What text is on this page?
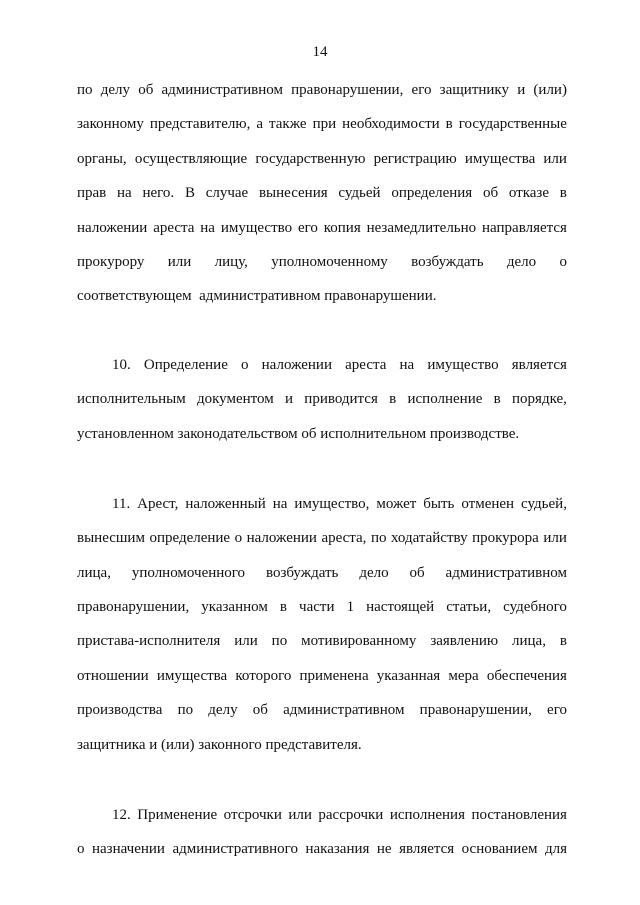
14
по делу об административном правонарушении, его защитнику и (или)
законному представителю, а также при необходимости в государственные
органы, осуществляющие государственную регистрацию имущества или
прав на него. В случае вынесения судьей определения об отказе в
наложении ареста на имущество его копия незамедлительно направляется
прокурору или лицу, уполномоченному возбуждать дело о
соответствующем  административном правонарушении.
10. Определение о наложении ареста на имущество является
исполнительным документом и приводится в исполнение в порядке,
установленном законодательством об исполнительном производстве.
11. Арест, наложенный на имущество, может быть отменен судьей,
вынесшим определение о наложении ареста, по ходатайству прокурора или
лица, уполномоченного возбуждать дело об административном
правонарушении, указанном в части 1 настоящей статьи, судебного
пристава-исполнителя или по мотивированному заявлению лица, в
отношении имущества которого применена указанная мера обеспечения
производства по делу об административном правонарушении, его
защитника и (или) законного представителя.
12. Применение отсрочки или рассрочки исполнения постановления
о назначении административного наказания не является основанием для
